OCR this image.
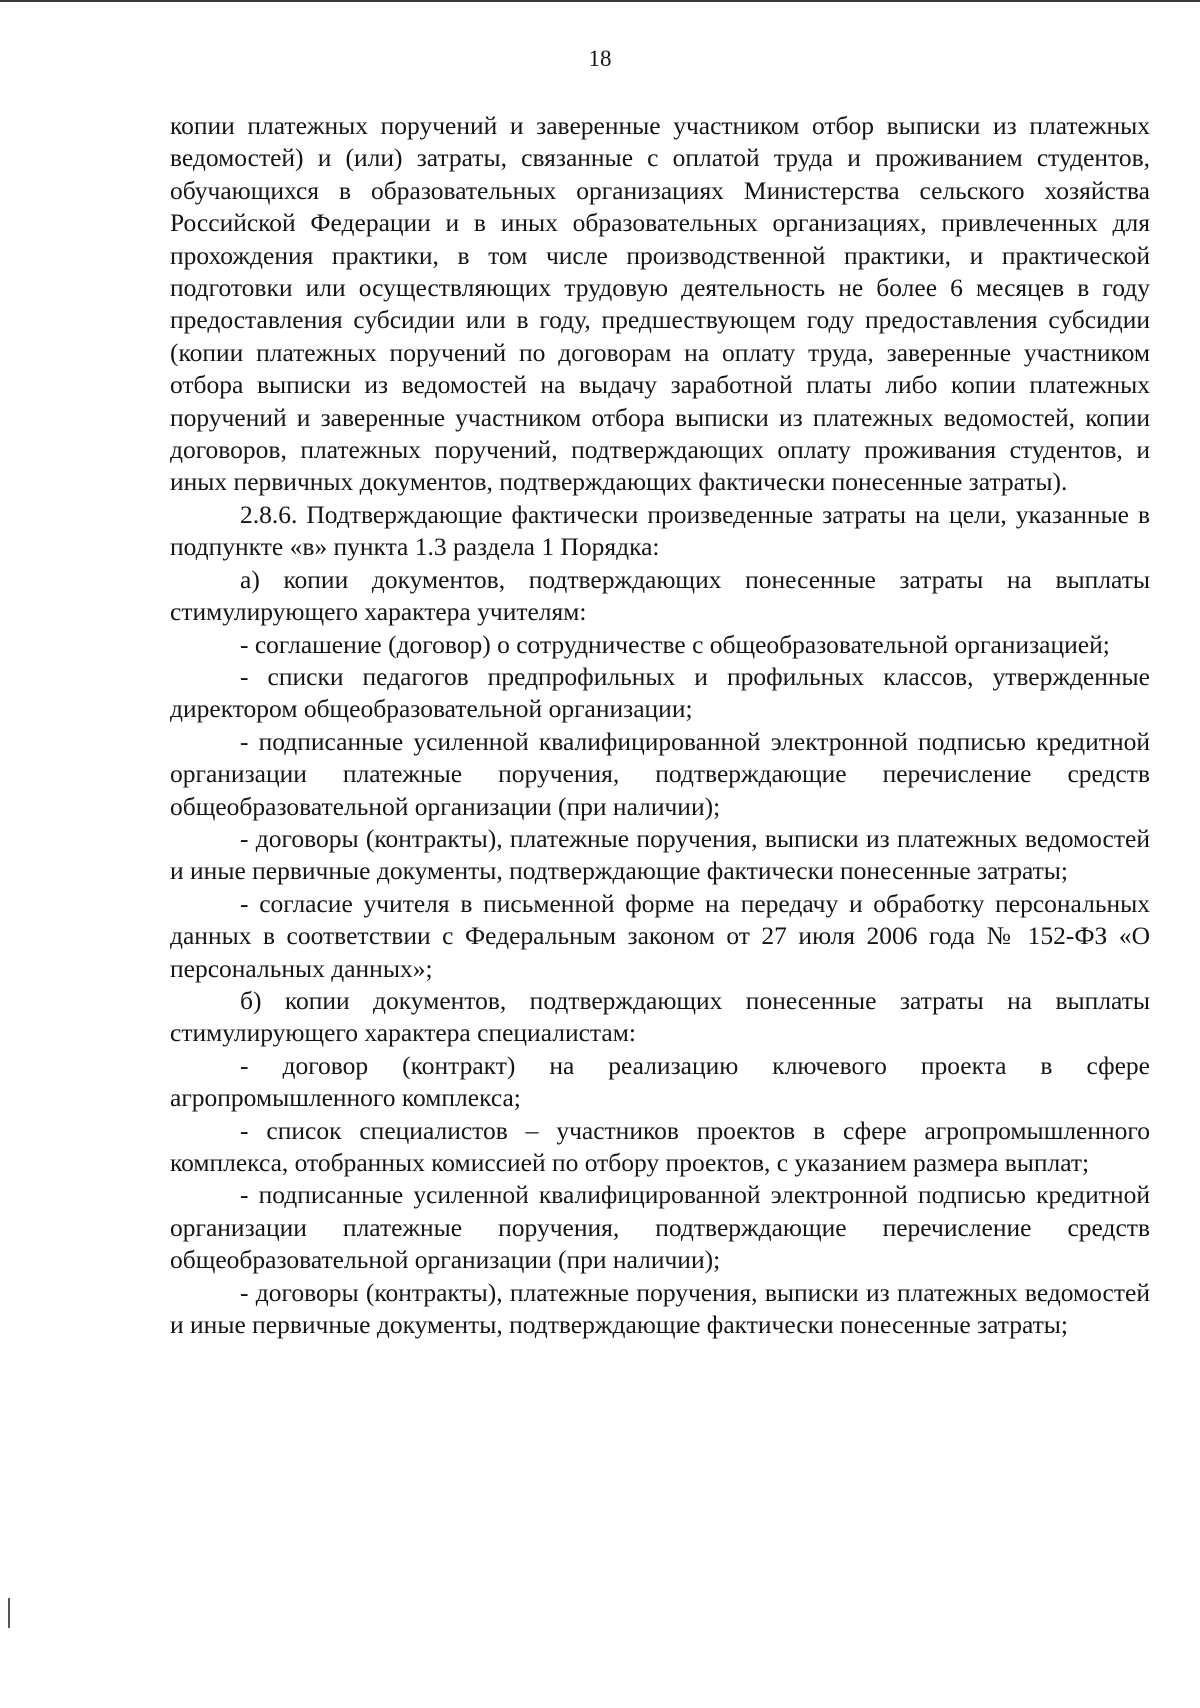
18

копии платежных поручений и заверенные участником отбор выписки из платежных ведомостей) и (или) затраты, связанные с оплатой труда и проживанием студентов, обучающихся в образовательных организациях Министерства сельского хозяйства Российской Федерации и в иных образовательных организациях, привлеченных для прохождения практики, в том числе производственной практики, и практической подготовки или осуществляющих трудовую деятельность не более 6 месяцев в году предоставления субсидии или в году, предшествующем году предоставления субсидии (копии платежных поручений по договорам на оплату труда, заверенные участником отбора выписки из ведомостей на выдачу заработной платы либо копии платежных поручений и заверенные участником отбора выписки из платежных ведомостей, копии договоров, платежных поручений, подтверждающих оплату проживания студентов, и иных первичных документов, подтверждающих фактически понесенные затраты).

2.8.6. Подтверждающие фактически произведенные затраты на цели, указанные в подпункте «в» пункта 1.3 раздела 1 Порядка:

а) копии документов, подтверждающих понесенные затраты на выплаты стимулирующего характера учителям:

- соглашение (договор) о сотрудничестве с общеобразовательной организацией;

- списки педагогов предпрофильных и профильных классов, утвержденные директором общеобразовательной организации;

- подписанные усиленной квалифицированной электронной подписью кредитной организации платежные поручения, подтверждающие перечисление средств общеобразовательной организации (при наличии);

- договоры (контракты), платежные поручения, выписки из платежных ведомостей и иные первичные документы, подтверждающие фактически понесенные затраты;

- согласие учителя в письменной форме на передачу и обработку персональных данных в соответствии с Федеральным законом от 27 июля 2006 года № 152-ФЗ «О персональных данных»;

б) копии документов, подтверждающих понесенные затраты на выплаты стимулирующего характера специалистам:

- договор (контракт) на реализацию ключевого проекта в сфере агропромышленного комплекса;

- список специалистов – участников проектов в сфере агропромышленного комплекса, отобранных комиссией по отбору проектов, с указанием размера выплат;

- подписанные усиленной квалифицированной электронной подписью кредитной организации платежные поручения, подтверждающие перечисление средств общеобразовательной организации (при наличии);

- договоры (контракты), платежные поручения, выписки из платежных ведомостей и иные первичные документы, подтверждающие фактически понесенные затраты;
